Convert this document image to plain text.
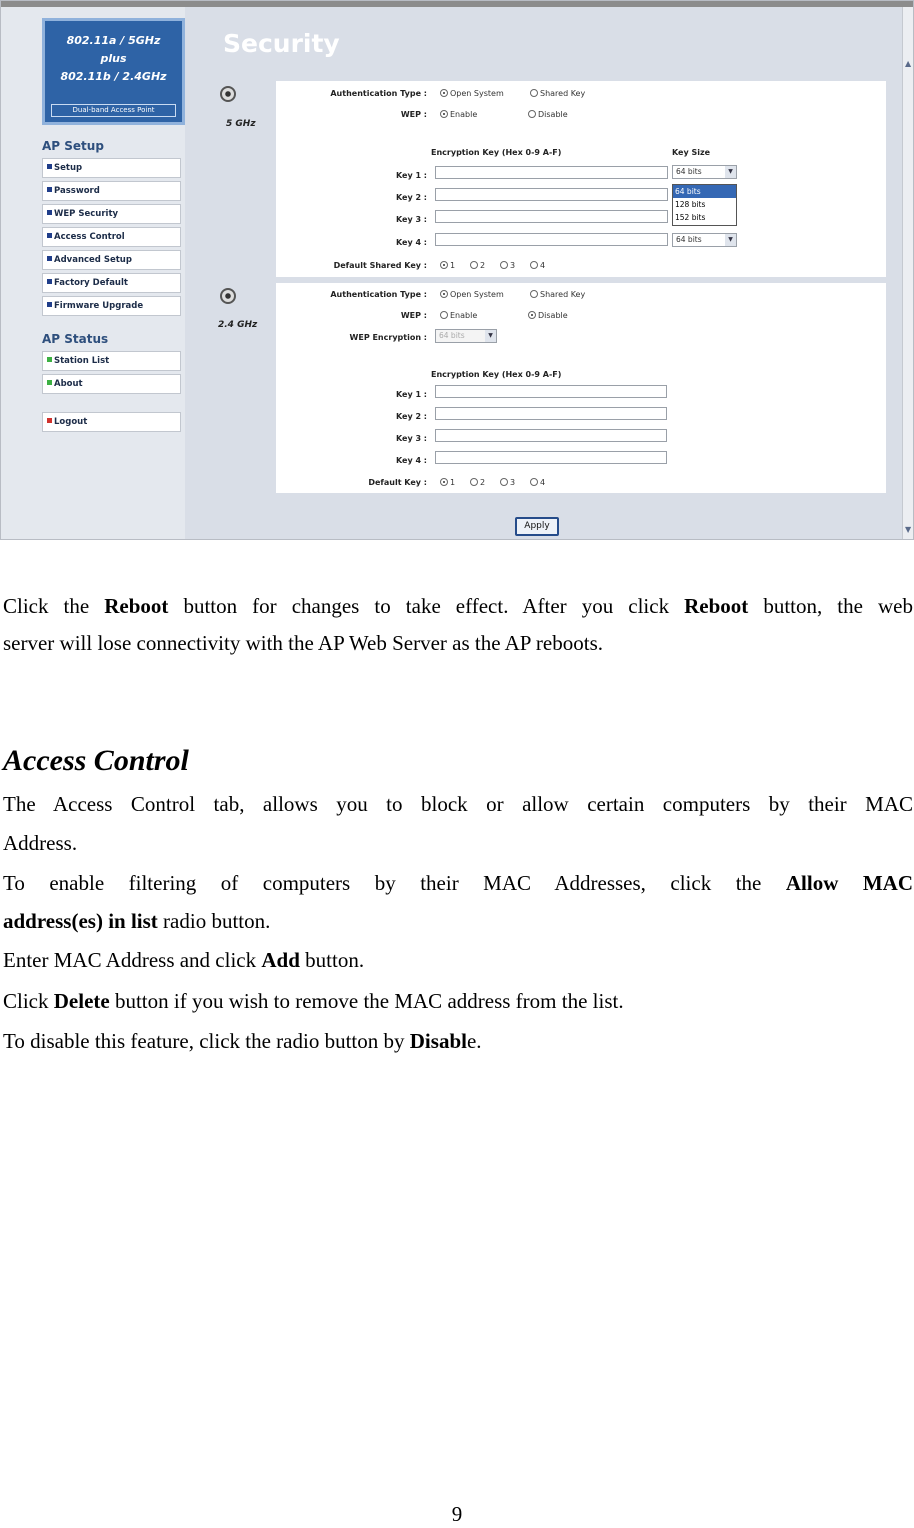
802.11a / 5GHz
plus
802.11b / 2.4GHz
Dual-band Access Point
AP Setup
Setup
Password
WEP Security
Access Control
Advanced Setup
Factory Default
Firmware Upgrade
AP Status
Station List
About
Logout
Security
5 GHz
Authentication Type :	Open System	Shared Key
WEP :	Enable	Disable
Encryption Key (Hex 0-9 A-F)	Key Size
Key 1 :	64 bits	▼
Key 2 :
Key 3 :
Key 4 :	64 bits	▼
64 bits
128 bits
152 bits
Default Shared Key :	1	2	3	4
2.4 GHz
Authentication Type :	Open System	Shared Key
WEP :	Enable	Disable
WEP Encryption :	64 bits	▼
Encryption Key (Hex 0-9 A-F)
Key 1 :
Key 2 :
Key 3 :
Key 4 :
Default Key :	1	2	3	4
Apply
▲
▼
Click the Reboot button for changes to take effect. After you click Reboot button, the web
server will lose connectivity with the AP Web Server as the AP reboots.
Access Control
The Access Control tab, allows you to block or allow certain computers by their MAC
Address.
To enable filtering of computers by their MAC Addresses, click the Allow MAC
address(es) in list radio button.
Enter MAC Address and click Add button.
Click Delete button if you wish to remove the MAC address from the list.
To disable this feature, click the radio button by Disable.
9
